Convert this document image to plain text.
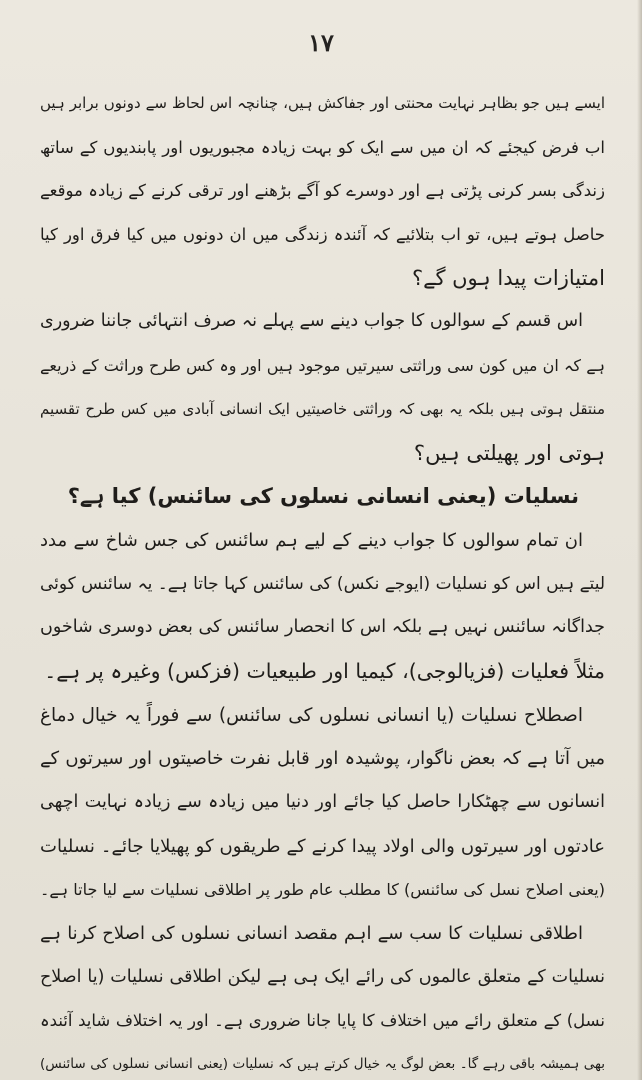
۱۷
ایسے ہیں جو بظاہر نہایت محنتی اور جفاکش ہیں، چنانچہ اس لحاظ سے دونوں برابر ہیں
اب فرض کیجئے کہ ان میں سے ایک کو بہت زیادہ مجبوریوں اور پابندیوں کے ساتھ
زندگی بسر کرنی پڑتی ہے اور دوسرے کو آگے بڑھنے اور ترقی کرنے کے زیادہ موقعے
حاصل ہوتے ہیں، تو اب بتلائیے کہ آئندہ زندگی میں ان دونوں میں کیا فرق اور کیا
امتیازات پیدا ہوں گے؟
اس قسم کے سوالوں کا جواب دینے سے پہلے نہ صرف انتہائی جاننا ضروری
ہے کہ ان میں کون سی وراثتی سیرتیں موجود ہیں اور وہ کس طرح وراثت کے ذریعے
منتقل ہوتی ہیں بلکہ یہ بھی کہ وراثتی خاصیتیں ایک انسانی آبادی میں کس طرح تقسیم
ہوتی اور پھیلتی ہیں؟
نسلیات (یعنی انسانی نسلوں کی سائنس) کیا ہے؟
ان تمام سوالوں کا جواب دینے کے لیے ہم سائنس کی جس شاخ سے مدد
لیتے ہیں اس کو نسلیات (ایوجے نکس) کی سائنس کہا جاتا ہے۔ یہ سائنس کوئی
جداگانہ سائنس نہیں ہے بلکہ اس کا انحصار سائنس کی بعض دوسری شاخوں
مثلاً فعلیات (فزیالوجی)، کیمیا اور طبیعیات (فزکس) وغیرہ پر ہے۔
اصطلاح نسلیات (یا انسانی نسلوں کی سائنس) سے فوراً یہ خیال دماغ
میں آتا ہے کہ بعض ناگوار، پوشیدہ اور قابل نفرت خاصیتوں اور سیرتوں کے
انسانوں سے چھٹکارا حاصل کیا جائے اور دنیا میں زیادہ سے زیادہ نہایت اچھی
عادتوں اور سیرتوں والی اولاد پیدا کرنے کے طریقوں کو پھیلایا جائے۔ نسلیات
(یعنی اصلاح نسل کی سائنس) کا مطلب عام طور پر اطلاقی نسلیات سے لیا جاتا ہے۔
اطلاقی نسلیات کا سب سے اہم مقصد انسانی نسلوں کی اصلاح کرنا ہے
نسلیات کے متعلق عالموں کی رائے ایک ہی ہے لیکن اطلاقی نسلیات (یا اصلاح
نسل) کے متعلق رائے میں اختلاف کا پایا جانا ضروری ہے۔ اور یہ اختلاف شاید آئندہ
بھی ہمیشہ باقی رہے گا۔ بعض لوگ یہ خیال کرتے ہیں کہ نسلیات (یعنی انسانی نسلوں کی سائنس)
